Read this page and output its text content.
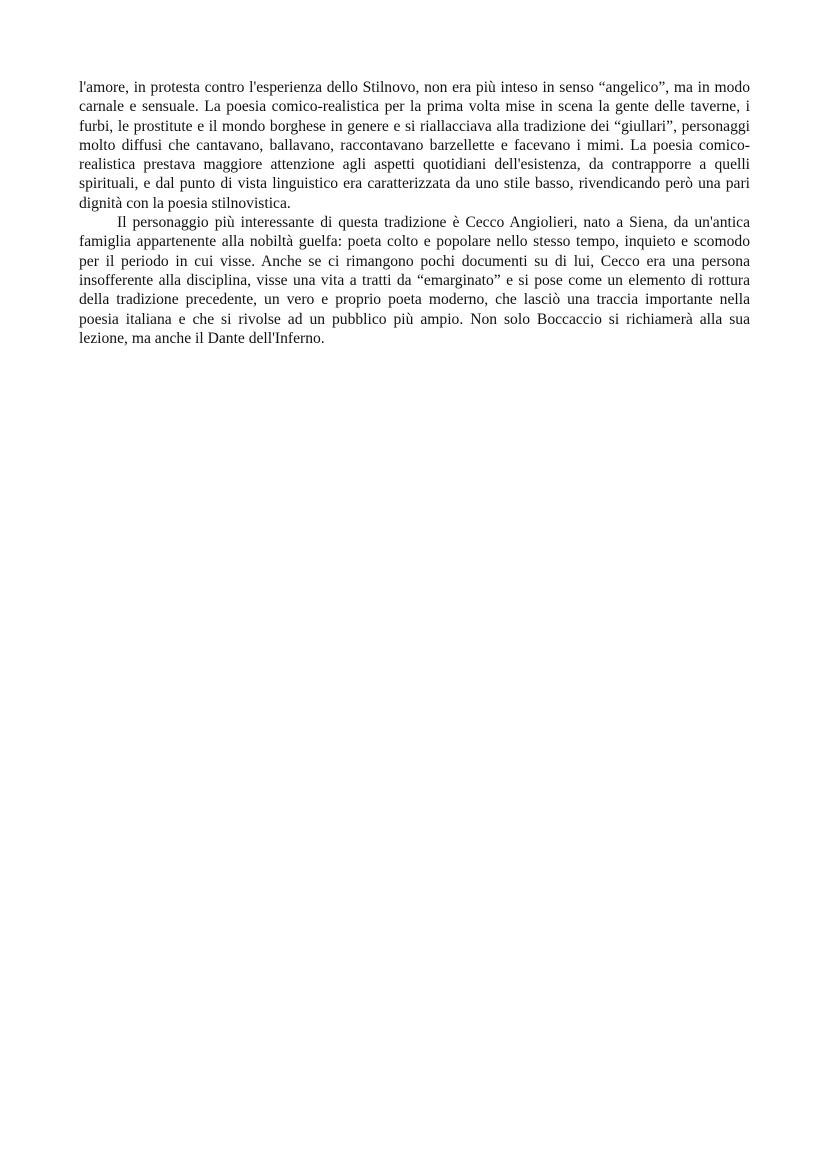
l'amore, in protesta contro l'esperienza dello Stilnovo, non era più inteso in senso “angelico”, ma in modo carnale e sensuale. La poesia comico-realistica per la prima volta mise in scena la gente delle taverne, i furbi, le prostitute e il mondo borghese in genere e si riallacciava alla tradizione dei “giullari”, personaggi molto diffusi che cantavano, ballavano, raccontavano barzellette e facevano i mimi. La poesia comico-realistica prestava maggiore attenzione agli aspetti quotidiani dell'esistenza, da contrapporre a quelli spirituali, e dal punto di vista linguistico era caratterizzata da uno stile basso, rivendicando però una pari dignità con la poesia stilnovistica.

Il personaggio più interessante di questa tradizione è Cecco Angiolieri, nato a Siena, da un'antica famiglia appartenente alla nobiltà guelfa: poeta colto e popolare nello stesso tempo, inquieto e scomodo per il periodo in cui visse. Anche se ci rimangono pochi documenti su di lui, Cecco era una persona insofferente alla disciplina, visse una vita a tratti da “emarginato” e si pose come un elemento di rottura della tradizione precedente, un vero e proprio poeta moderno, che lasciò una traccia importante nella poesia italiana e che si rivolse ad un pubblico più ampio. Non solo Boccaccio si richiamerà alla sua lezione, ma anche il Dante dell'Inferno.
